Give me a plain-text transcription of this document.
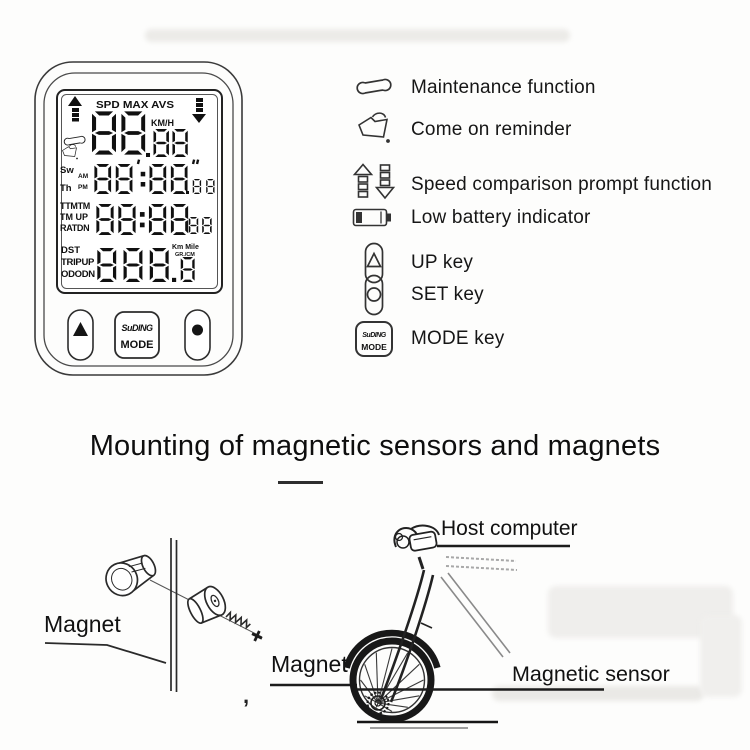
SPD MAX AVS
KM/H
Sw
Th
AM
PM
TTMTM
TM UP
RATDN
DST
TRIPUP
ODODN
Km Mile
GR./CM
SuDING
MODE
Maintenance function
Come on reminder
Speed comparison prompt function
Low battery indicator
UP key
SET key
SuDING
MODE MODE key
Mounting of magnetic sensors and magnets
Magnet
Magnet
,
Host computer
Magnetic sensor
